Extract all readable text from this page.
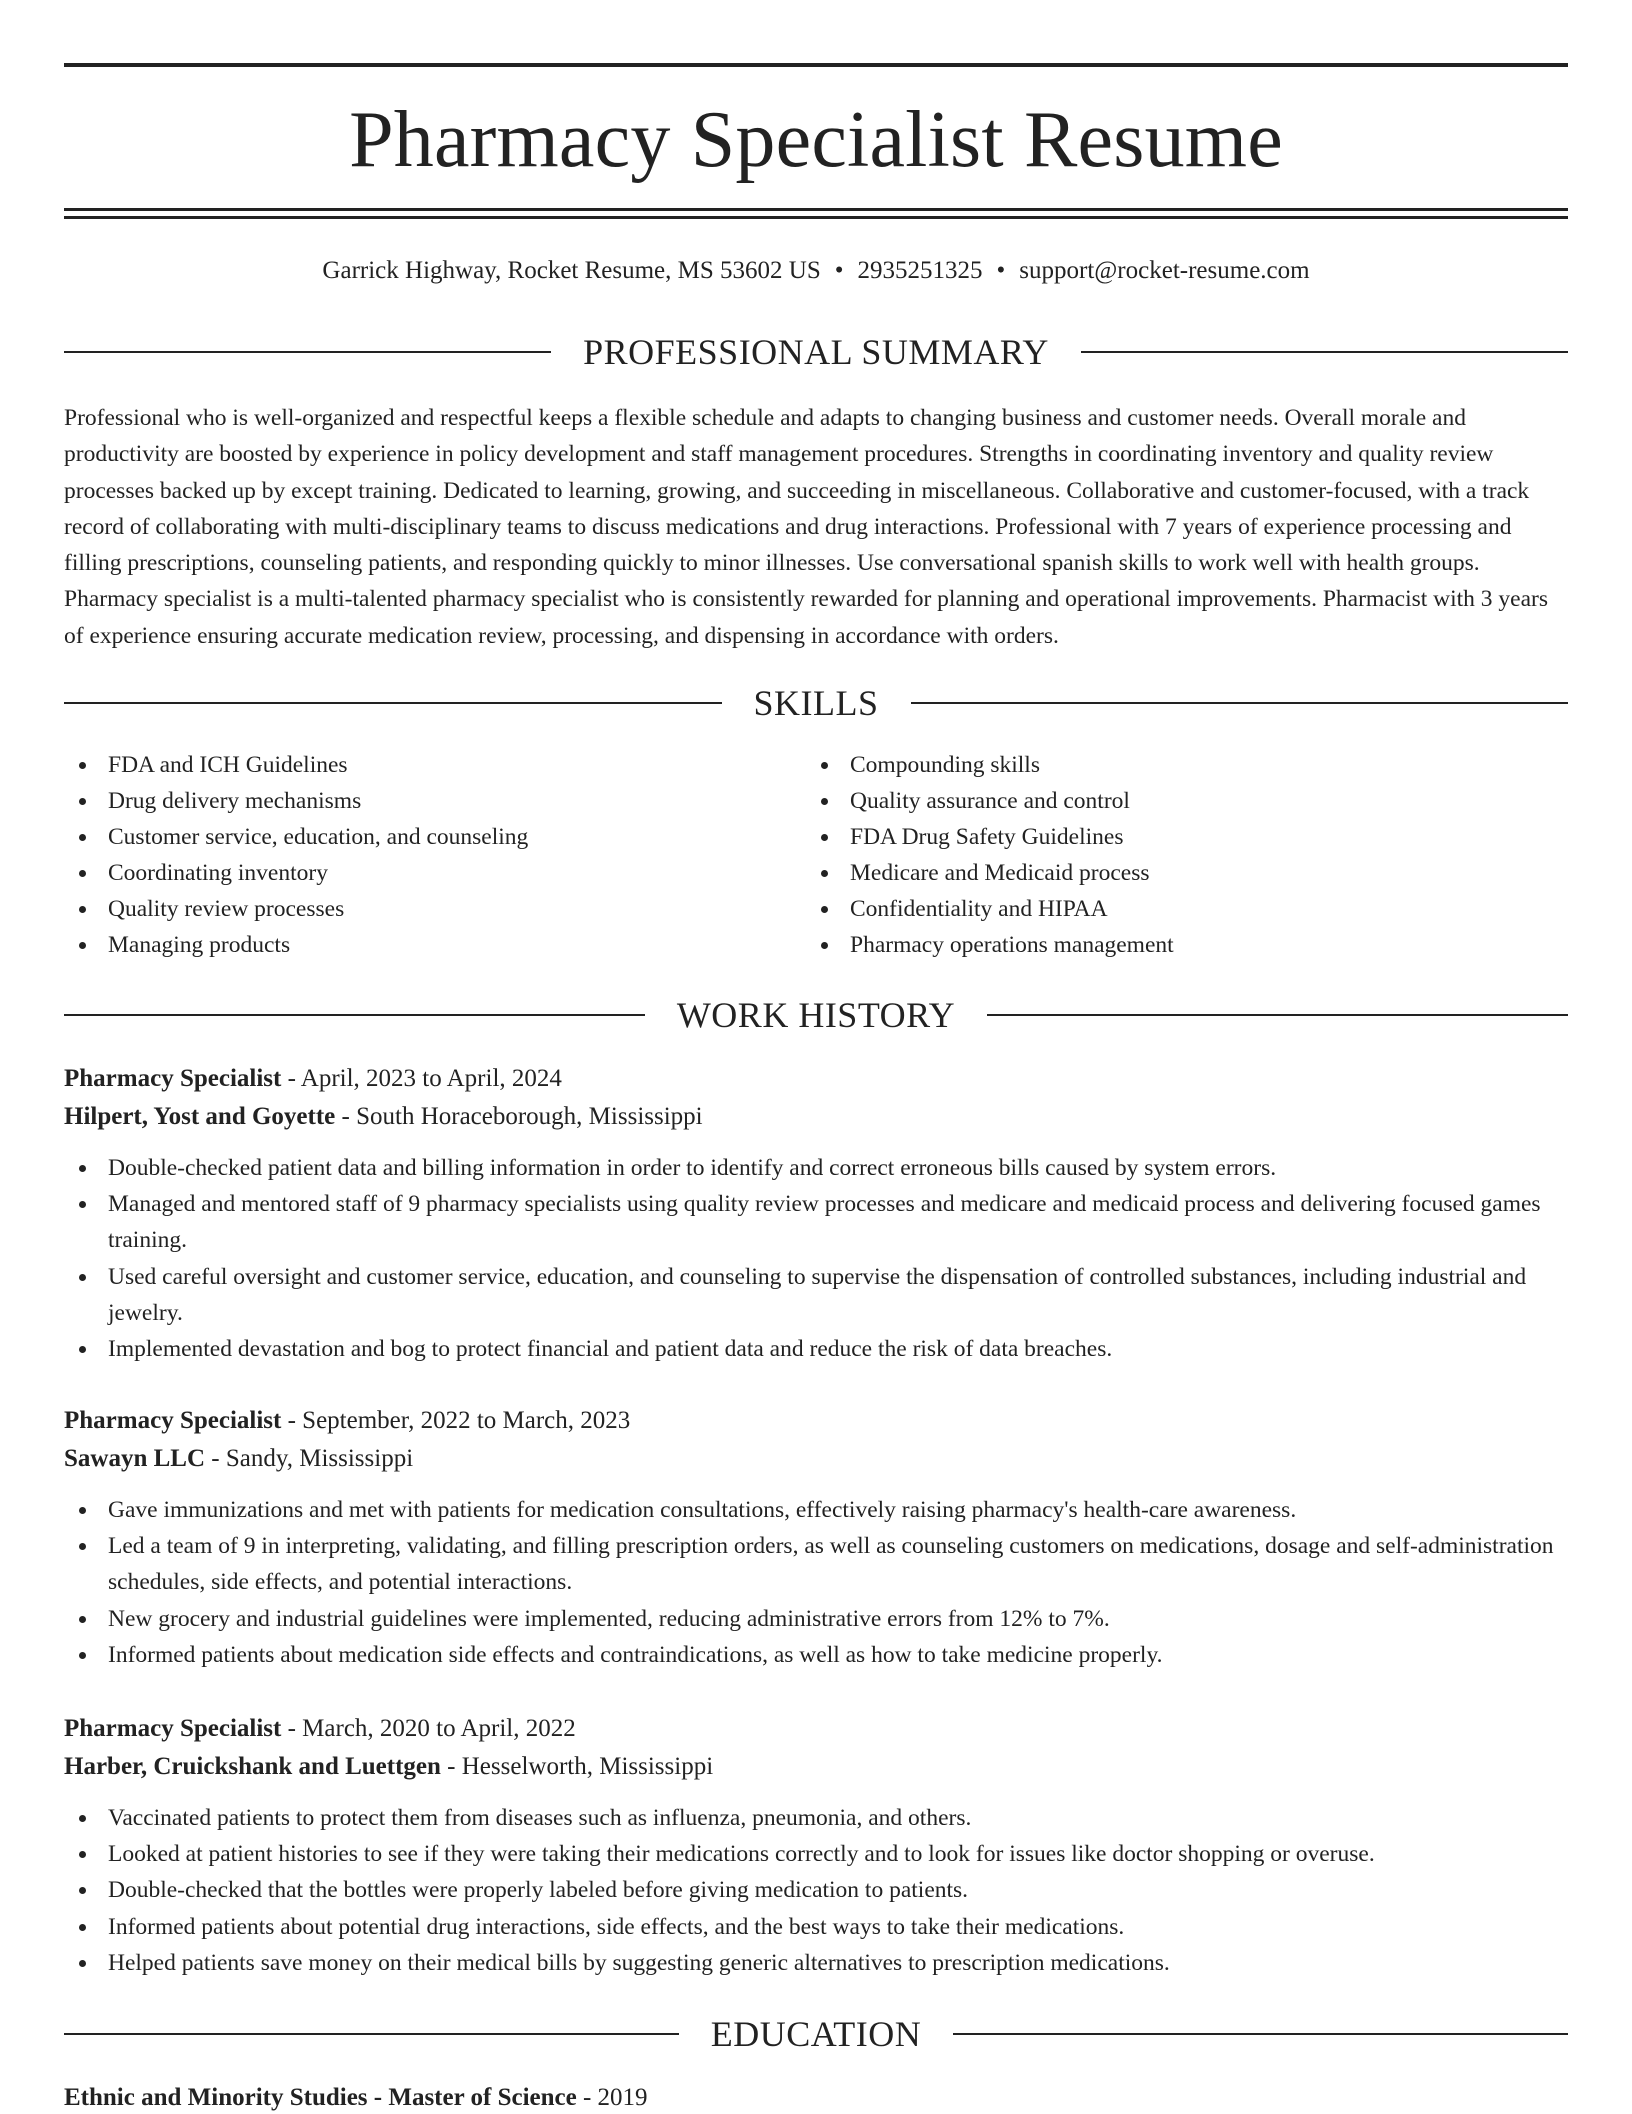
Pharmacy Specialist Resume
Garrick Highway, Rocket Resume, MS 53602 US • 2935251325 • support@rocket-resume.com
PROFESSIONAL SUMMARY

Professional who is well-organized and respectful keeps a flexible schedule and adapts to changing business and customer needs. Overall morale and productivity are boosted by experience in policy development and staff management procedures. Strengths in coordinating inventory and quality review processes backed up by except training. Dedicated to learning, growing, and succeeding in miscellaneous. Collaborative and customer-focused, with a track record of collaborating with multi-disciplinary teams to discuss medications and drug interactions. Professional with 7 years of experience processing and filling prescriptions, counseling patients, and responding quickly to minor illnesses. Use conversational spanish skills to work well with health groups. Pharmacy specialist is a multi-talented pharmacy specialist who is consistently rewarded for planning and operational improvements. Pharmacist with 3 years of experience ensuring accurate medication review, processing, and dispensing in accordance with orders.

SKILLS
FDA and ICH Guidelines
Drug delivery mechanisms
Customer service, education, and counseling
Coordinating inventory
Quality review processes
Managing products
Compounding skills
Quality assurance and control
FDA Drug Safety Guidelines
Medicare and Medicaid process
Confidentiality and HIPAA
Pharmacy operations management
WORK HISTORY
Pharmacy Specialist - April, 2023 to April, 2024
Hilpert, Yost and Goyette - South Horaceborough, Mississippi
Double-checked patient data and billing information in order to identify and correct erroneous bills caused by system errors.
Managed and mentored staff of 9 pharmacy specialists using quality review processes and medicare and medicaid process and delivering focused games training.
Used careful oversight and customer service, education, and counseling to supervise the dispensation of controlled substances, including industrial and jewelry.
Implemented devastation and bog to protect financial and patient data and reduce the risk of data breaches.
Pharmacy Specialist - September, 2022 to March, 2023
Sawayn LLC - Sandy, Mississippi
Gave immunizations and met with patients for medication consultations, effectively raising pharmacy's health-care awareness.
Led a team of 9 in interpreting, validating, and filling prescription orders, as well as counseling customers on medications, dosage and self-administration schedules, side effects, and potential interactions.
New grocery and industrial guidelines were implemented, reducing administrative errors from 12% to 7%.
Informed patients about medication side effects and contraindications, as well as how to take medicine properly.
Pharmacy Specialist - March, 2020 to April, 2022
Harber, Cruickshank and Luettgen - Hesselworth, Mississippi
Vaccinated patients to protect them from diseases such as influenza, pneumonia, and others.
Looked at patient histories to see if they were taking their medications correctly and to look for issues like doctor shopping or overuse.
Double-checked that the bottles were properly labeled before giving medication to patients.
Informed patients about potential drug interactions, side effects, and the best ways to take their medications.
Helped patients save money on their medical bills by suggesting generic alternatives to prescription medications.
EDUCATION
Ethnic and Minority Studies - Master of Science - 2019
